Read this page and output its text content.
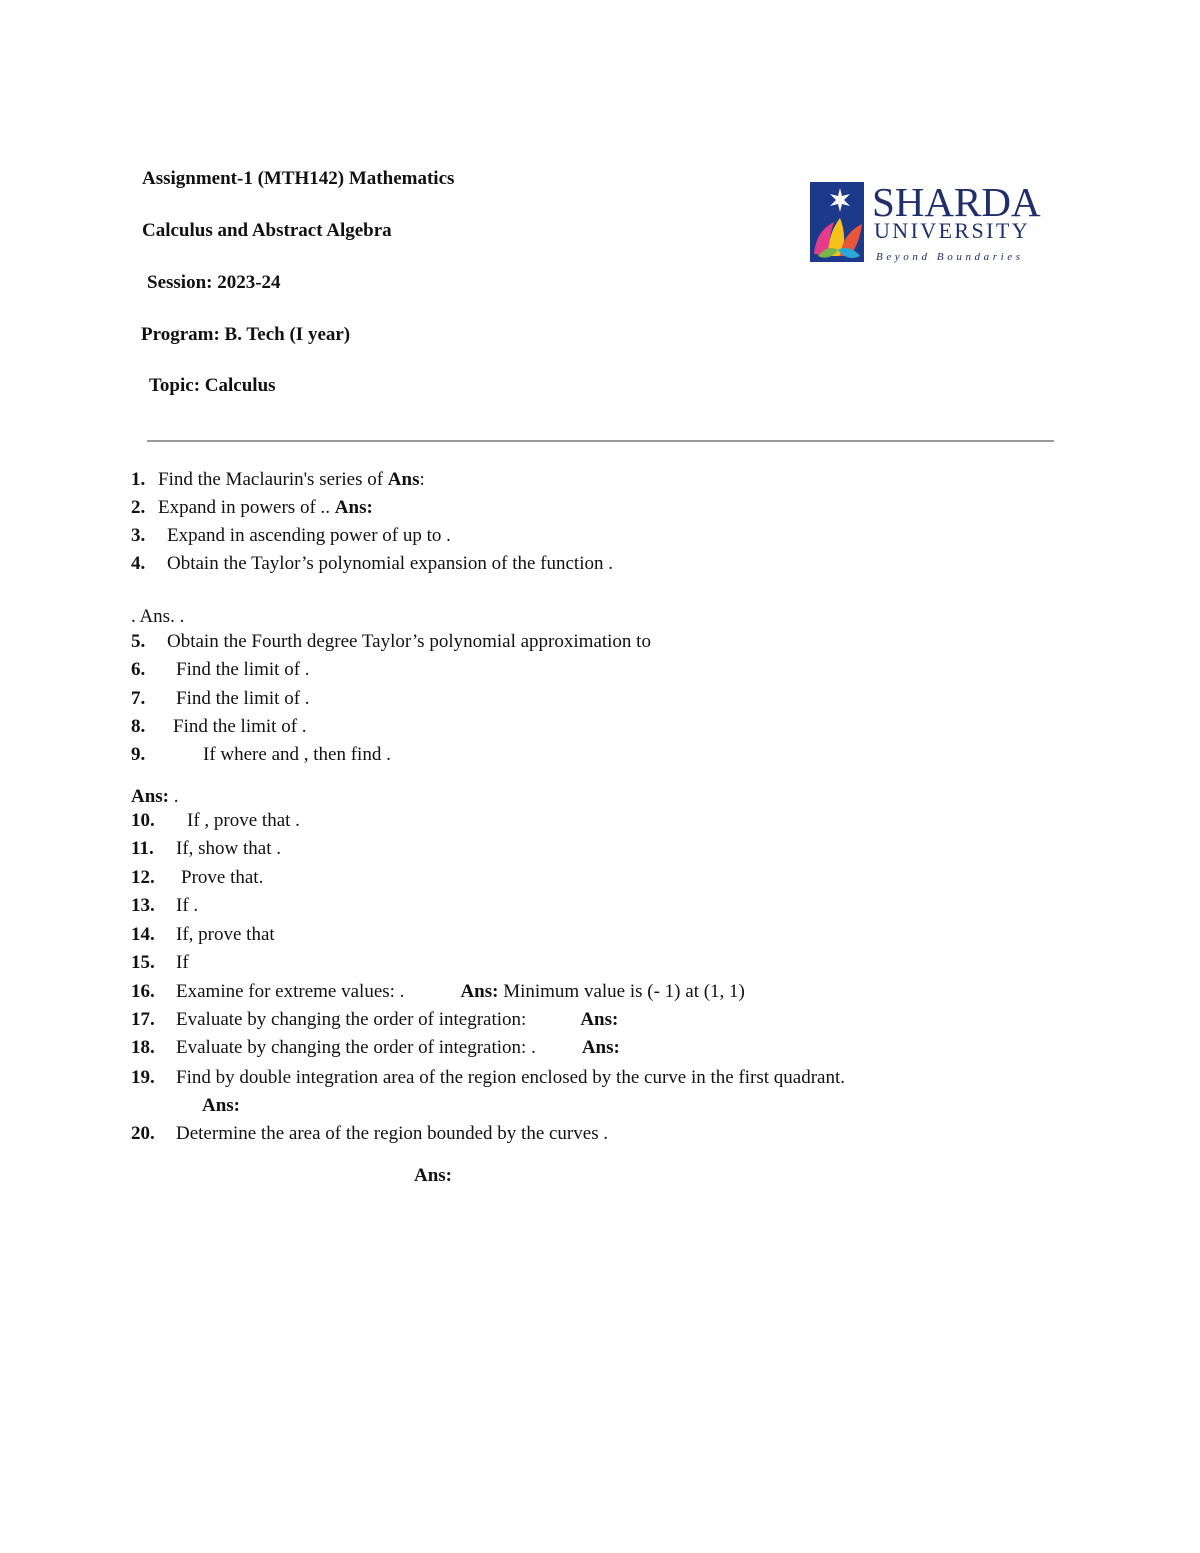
Assignment-1 (MTH142) Mathematics
Calculus and Abstract Algebra
Session: 2023-24
Program: B. Tech (I year)
Topic: Calculus
SHARDA
UNIVERSITY
Beyond Boundaries
1. Find the Maclaurin's series of Ans:
2. Expand in powers of .. Ans:
3. Expand in ascending power of up to .
4. Obtain the Taylor’s polynomial expansion of the function .
. Ans. .
5. Obtain the Fourth degree Taylor’s polynomial approximation to
6. Find the limit of .
7. Find the limit of .
8. Find the limit of .
9.	If where and , then find .
Ans: .
10. If , prove that .
11. If, show that .
12. Prove that.
13. If .
14. If, prove that
15. If
16. Examine for extreme values: .	Ans: Minimum value is (- 1) at (1, 1)
17. Evaluate by changing the order of integration:	Ans:
18. Evaluate by changing the order of integration: . Ans:
19. Find by double integration area of the region enclosed by the curve in the first quadrant.
Ans:
20. Determine the area of the region bounded by the curves .
Ans:
